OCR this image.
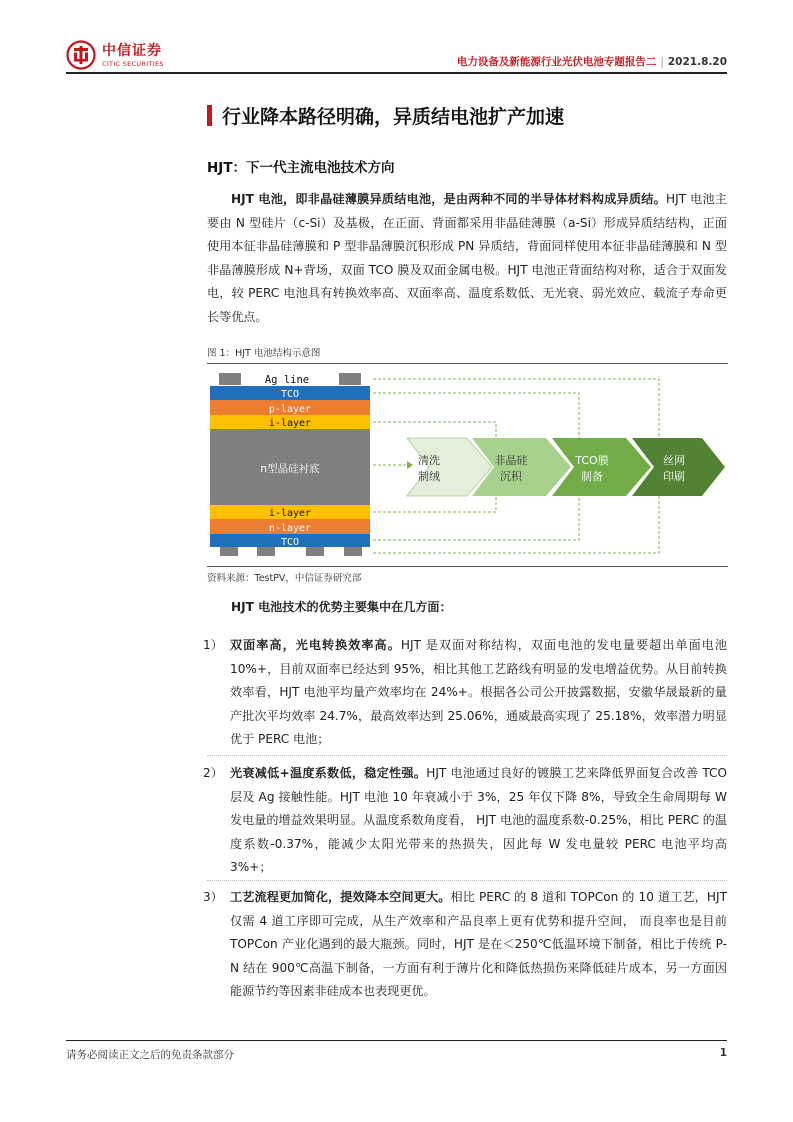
中信证券
CITIC SECURITIES	电力设备及新能源行业光伏电池专题报告二 | 2021.8.20
行业降本路径明确，异质结电池扩产加速
HJT：下一代主流电池技术方向
HJT 电池，即非晶硅薄膜异质结电池，是由两种不同的半导体材料构成异质结。HJT 电池主要由 N 型硅片（c-Si）及基极，在正面、背面都采用非晶硅薄膜（a-Si）形成异质结结构，正面使用本征非晶硅薄膜和 P 型非晶薄膜沉积形成 PN 异质结，背面同样使用本征非晶硅薄膜和 N 型非晶薄膜形成 N+背场，双面 TCO 膜及双面金属电极。HJT 电池正背面结构对称，适合于双面发电，较 PERC 电池具有转换效率高、双面率高、温度系数低、无光衰、弱光效应、载流子寿命更长等优点。
图 1：HJT 电池结构示意图
Ag line
TCO
p-layer
i-layer
n型晶硅衬底
i-layer
n-layer
TCO
清洗
制绒
非晶硅
沉积
TCO膜
制备
丝网
印刷
资料来源：TestPV，中信证券研究部
HJT 电池技术的优势主要集中在几方面：
1） 双面率高，光电转换效率高。HJT 是双面对称结构，双面电池的发电量要超出单面电池 10%+，目前双面率已经达到 95%，相比其他工艺路线有明显的发电增益优势。从目前转换效率看，HJT 电池平均量产效率均在 24%+。根据各公司公开披露数据，安徽华晟最新的量产批次平均效率 24.7%，最高效率达到 25.06%，通威最高实现了 25.18%，效率潜力明显优于 PERC 电池；
2） 光衰减低+温度系数低，稳定性强。HJT 电池通过良好的镀膜工艺来降低界面复合改善 TCO 层及 Ag 接触性能。HJT 电池 10 年衰减小于 3%，25 年仅下降 8%，导致全生命周期每 W 发电量的增益效果明显。从温度系数角度看， HJT 电池的温度系数-0.25%，相比 PERC 的温度系数-0.37%，能减少太阳光带来的热损失，因此每 W 发电量较 PERC 电池平均高 3%+；
3） 工艺流程更加简化，提效降本空间更大。相比 PERC 的 8 道和 TOPCon 的 10 道工艺，HJT 仅需 4 道工序即可完成，从生产效率和产品良率上更有优势和提升空间， 而良率也是目前 TOPCon 产业化遇到的最大瓶颈。同时，HJT 是在＜250℃低温环境下制备，相比于传统 P-N 结在 900℃高温下制备，一方面有利于薄片化和降低热损伤来降低硅片成本，另一方面因能源节约等因素非硅成本也表现更优。
请务必阅读正文之后的免责条款部分	1
